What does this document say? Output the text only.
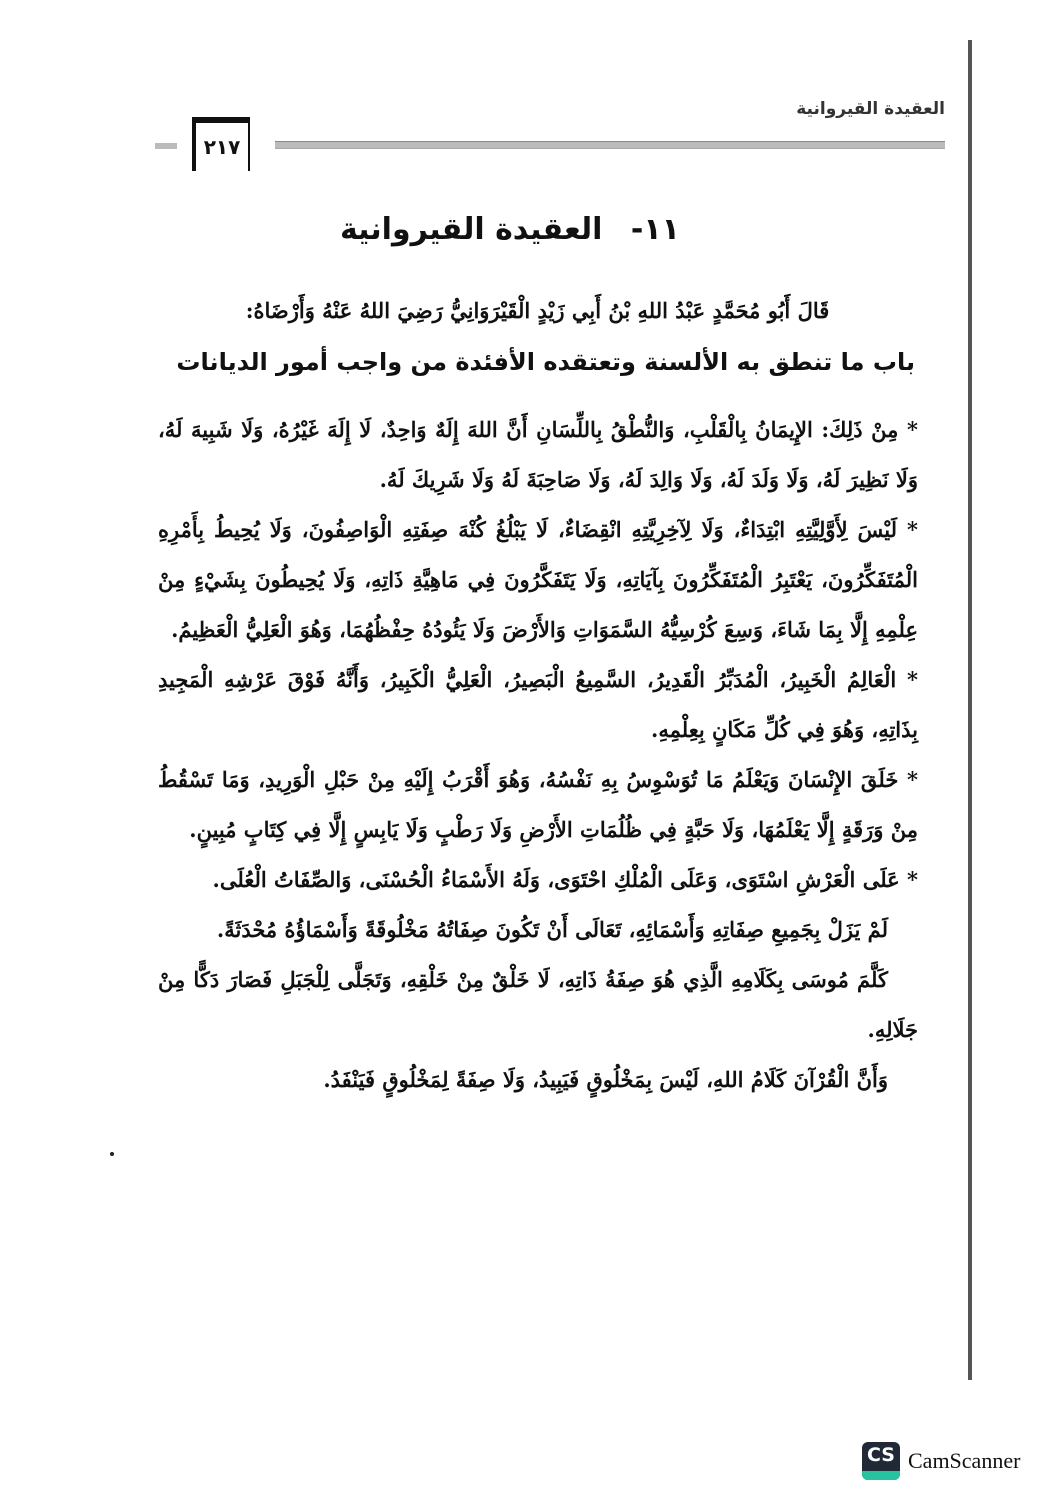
العقيدة القيروانية
٢١٧
١١- العقيدة القيروانية
قَالَ أَبُو مُحَمَّدٍ عَبْدُ اللهِ بْنُ أَبِي زَيْدٍ الْقَيْرَوَانِيُّ رَضِيَ اللهُ عَنْهُ وَأَرْضَاهُ:
باب ما تنطق به الألسنة وتعتقده الأفئدة من واجب أمور الديانات

* مِنْ ذَلِكَ: الإِيمَانُ بِالْقَلْبِ، وَالنُّطْقُ بِاللِّسَانِ أَنَّ اللهَ إِلَهٌ وَاحِدٌ، لَا إِلَهَ غَيْرُهُ، وَلَا شَبِيهَ لَهُ، وَلَا نَظِيرَ لَهُ، وَلَا وَلَدَ لَهُ، وَلَا وَالِدَ لَهُ، وَلَا صَاحِبَةَ لَهُ وَلَا شَرِيكَ لَهُ.

* لَيْسَ لِأَوَّلِيَّتِهِ ابْتِدَاءٌ، وَلَا لِآخِرِيَّتِهِ انْقِضَاءٌ، لَا يَبْلُغُ كُنْهَ صِفَتِهِ الْوَاصِفُونَ، وَلَا يُحِيطُ بِأَمْرِهِ الْمُتَفَكِّرُونَ، يَعْتَبِرُ الْمُتَفَكِّرُونَ بِآيَاتِهِ، وَلَا يَتَفَكَّرُونَ فِي مَاهِيَّةِ ذَاتِهِ، وَلَا يُحِيطُونَ بِشَيْءٍ مِنْ عِلْمِهِ إِلَّا بِمَا شَاءَ، وَسِعَ كُرْسِيُّهُ السَّمَوَاتِ وَالأَرْضَ وَلَا يَئُودُهُ حِفْظُهُمَا، وَهُوَ الْعَلِيُّ الْعَظِيمُ.

* الْعَالِمُ الْخَبِيرُ، الْمُدَبِّرُ الْقَدِيرُ، السَّمِيعُ الْبَصِيرُ، الْعَلِيُّ الْكَبِيرُ، وَأَنَّهُ فَوْقَ عَرْشِهِ الْمَجِيدِ بِذَاتِهِ، وَهُوَ فِي كُلِّ مَكَانٍ بِعِلْمِهِ.

* خَلَقَ الإِنْسَانَ وَيَعْلَمُ مَا تُوَسْوِسُ بِهِ نَفْسُهُ، وَهُوَ أَقْرَبُ إِلَيْهِ مِنْ حَبْلِ الْوَرِيدِ، وَمَا تَسْقُطُ مِنْ وَرَقَةٍ إِلَّا يَعْلَمُهَا، وَلَا حَبَّةٍ فِي ظُلُمَاتِ الأَرْضِ وَلَا رَطْبٍ وَلَا يَابِسٍ إِلَّا فِي كِتَابٍ مُبِينٍ.

* عَلَى الْعَرْشِ اسْتَوَى، وَعَلَى الْمُلْكِ احْتَوَى، وَلَهُ الأَسْمَاءُ الْحُسْنَى، وَالصِّفَاتُ الْعُلَى.

لَمْ يَزَلْ بِجَمِيعِ صِفَاتِهِ وَأَسْمَائِهِ، تَعَالَى أَنْ تَكُونَ صِفَاتُهُ مَخْلُوقَةً وَأَسْمَاؤُهُ مُحْدَثَةً.

كَلَّمَ مُوسَى بِكَلَامِهِ الَّذِي هُوَ صِفَةُ ذَاتِهِ، لَا خَلْقٌ مِنْ خَلْقِهِ، وَتَجَلَّى لِلْجَبَلِ فَصَارَ دَكًّا مِنْ جَلَالِهِ.

وَأَنَّ الْقُرْآنَ كَلَامُ اللهِ، لَيْسَ بِمَخْلُوقٍ فَيَبِيدُ، وَلَا صِفَةً لِمَخْلُوقٍ فَيَنْفَدُ.

CS CamScanner
